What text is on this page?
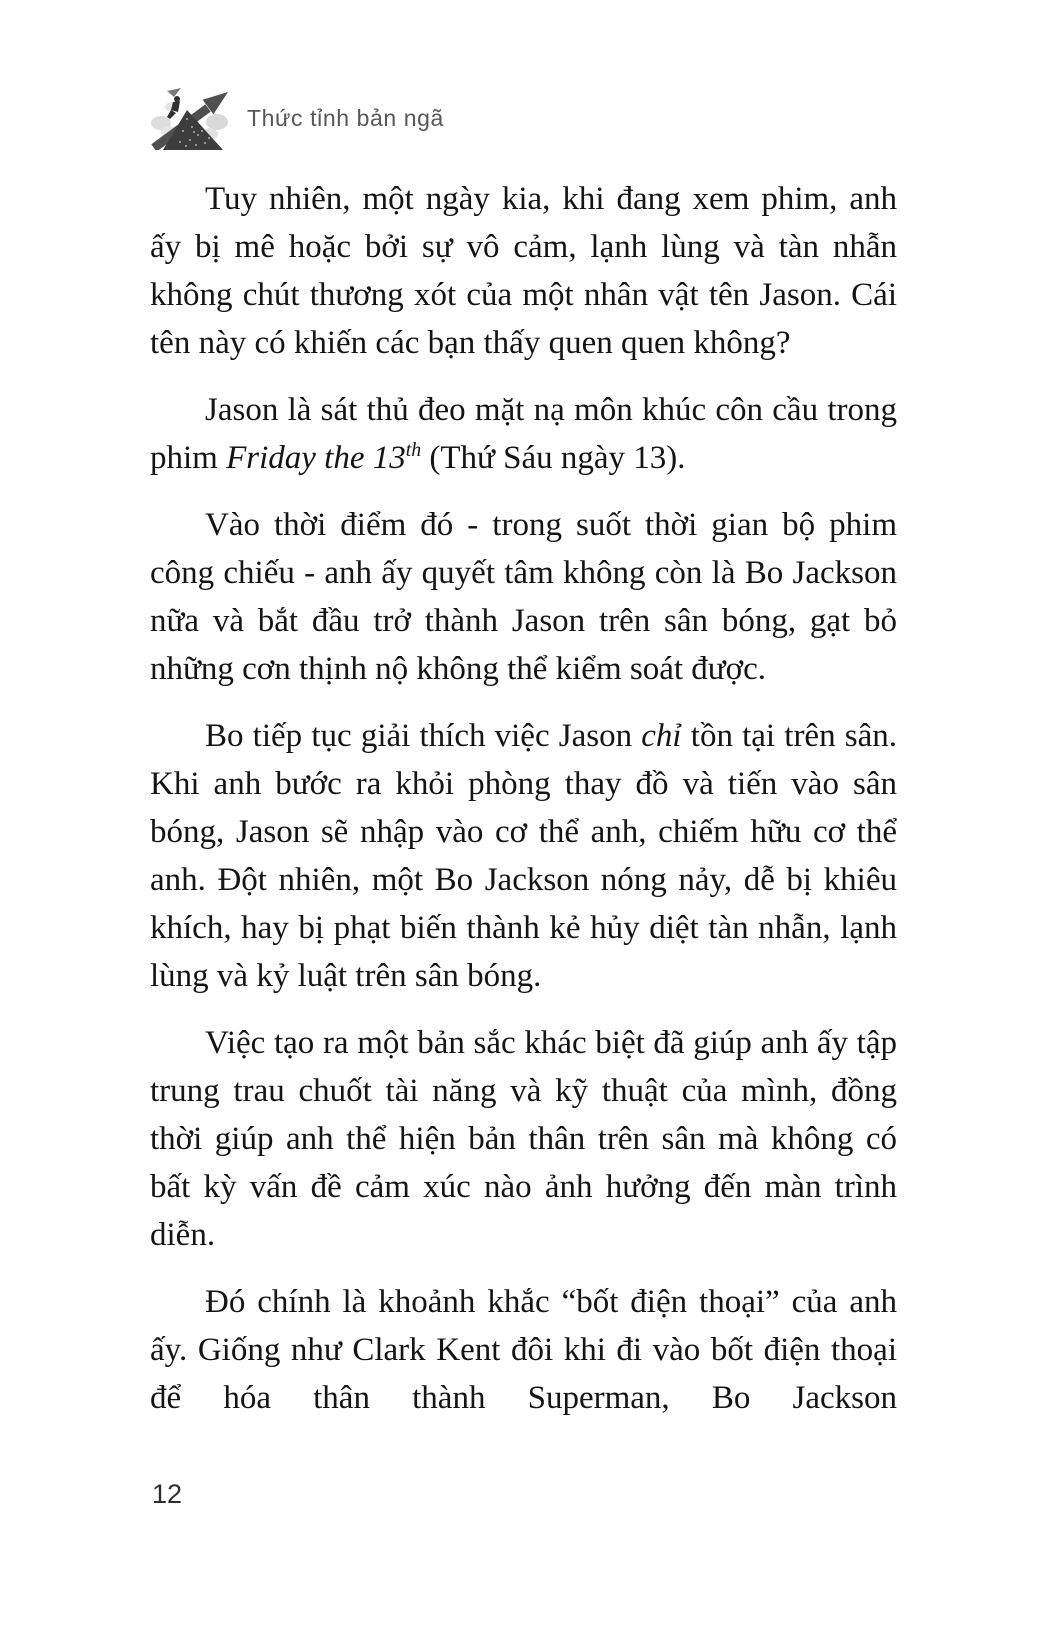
Thức tỉnh bản ngã

Tuy nhiên, một ngày kia, khi đang xem phim, anh ấy bị mê hoặc bởi sự vô cảm, lạnh lùng và tàn nhẫn không chút thương xót của một nhân vật tên Jason. Cái tên này có khiến các bạn thấy quen quen không?

Jason là sát thủ đeo mặt nạ môn khúc côn cầu trong phim Friday the 13th (Thứ Sáu ngày 13).

Vào thời điểm đó - trong suốt thời gian bộ phim công chiếu - anh ấy quyết tâm không còn là Bo Jackson nữa và bắt đầu trở thành Jason trên sân bóng, gạt bỏ những cơn thịnh nộ không thể kiểm soát được.

Bo tiếp tục giải thích việc Jason chỉ tồn tại trên sân. Khi anh bước ra khỏi phòng thay đồ và tiến vào sân bóng, Jason sẽ nhập vào cơ thể anh, chiếm hữu cơ thể anh. Đột nhiên, một Bo Jackson nóng nảy, dễ bị khiêu khích, hay bị phạt biến thành kẻ hủy diệt tàn nhẫn, lạnh lùng và kỷ luật trên sân bóng.

Việc tạo ra một bản sắc khác biệt đã giúp anh ấy tập trung trau chuốt tài năng và kỹ thuật của mình, đồng thời giúp anh thể hiện bản thân trên sân mà không có bất kỳ vấn đề cảm xúc nào ảnh hưởng đến màn trình diễn.

Đó chính là khoảnh khắc “bốt điện thoại” của anh ấy. Giống như Clark Kent đôi khi đi vào bốt điện thoại để hóa thân thành Superman, Bo Jackson

12
